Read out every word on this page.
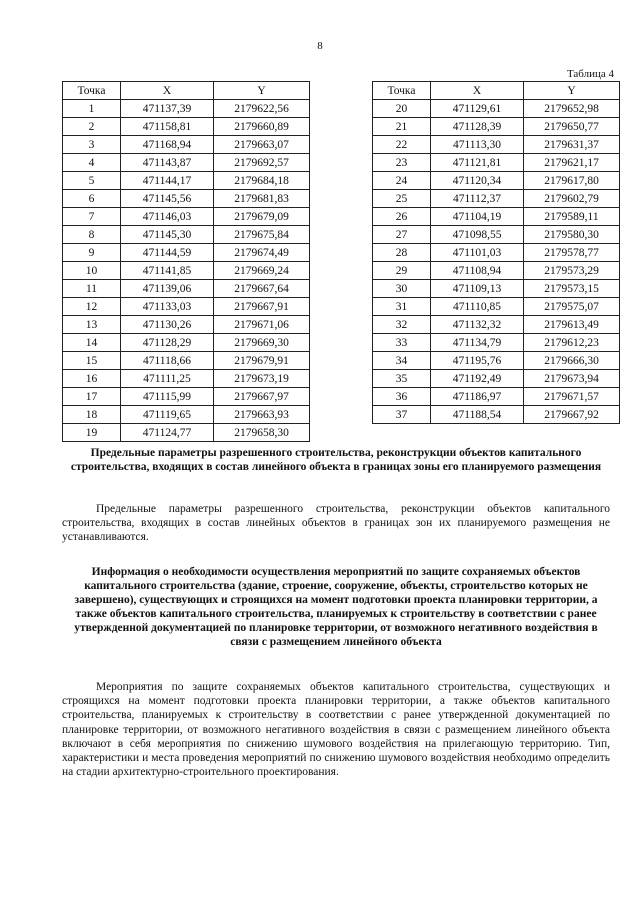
8
Таблица 4
Точка	X	Y
1	471137,39	2179622,56
2	471158,81	2179660,89
3	471168,94	2179663,07
4	471143,87	2179692,57
5	471144,17	2179684,18
6	471145,56	2179681,83
7	471146,03	2179679,09
8	471145,30	2179675,84
9	471144,59	2179674,49
10	471141,85	2179669,24
11	471139,06	2179667,64
12	471133,03	2179667,91
13	471130,26	2179671,06
14	471128,29	2179669,30
15	471118,66	2179679,91
16	471111,25	2179673,19
17	471115,99	2179667,97
18	471119,65	2179663,93
19	471124,77	2179658,30
Точка	X	Y
20	471129,61	2179652,98
21	471128,39	2179650,77
22	471113,30	2179631,37
23	471121,81	2179621,17
24	471120,34	2179617,80
25	471112,37	2179602,79
26	471104,19	2179589,11
27	471098,55	2179580,30
28	471101,03	2179578,77
29	471108,94	2179573,29
30	471109,13	2179573,15
31	471110,85	2179575,07
32	471132,32	2179613,49
33	471134,79	2179612,23
34	471195,76	2179666,30
35	471192,49	2179673,94
36	471186,97	2179671,57
37	471188,54	2179667,92
Предельные параметры разрешенного строительства, реконструкции объектов капитального строительства, входящих в состав линейного объекта в границах зоны его планируемого размещения
Предельные параметры разрешенного строительства, реконструкции объектов капитального строительства, входящих в состав линейных объектов в границах зон их планируемого размещения не устанавливаются.
Информация о необходимости осуществления мероприятий по защите сохраняемых объектов капитального строительства (здание, строение, сооружение, объекты, строительство которых не завершено), существующих и строящихся на момент подготовки проекта планировки территории, а также объектов капитального строительства, планируемых к строительству в соответствии с ранее утвержденной документацией по планировке территории, от возможного негативного воздействия в связи с размещением линейного объекта
Мероприятия по защите сохраняемых объектов капитального строительства, существующих и строящихся на момент подготовки проекта планировки территории, а также объектов капитального строительства, планируемых к строительству в соответствии с ранее утвержденной документацией по планировке территории, от возможного негативного воздействия в связи с размещением линейного объекта включают в себя мероприятия по снижению шумового воздействия на прилегающую территорию. Тип, характеристики и места проведения мероприятий по снижению шумового воздействия необходимо определить на стадии архитектурно-строительного проектирования.
